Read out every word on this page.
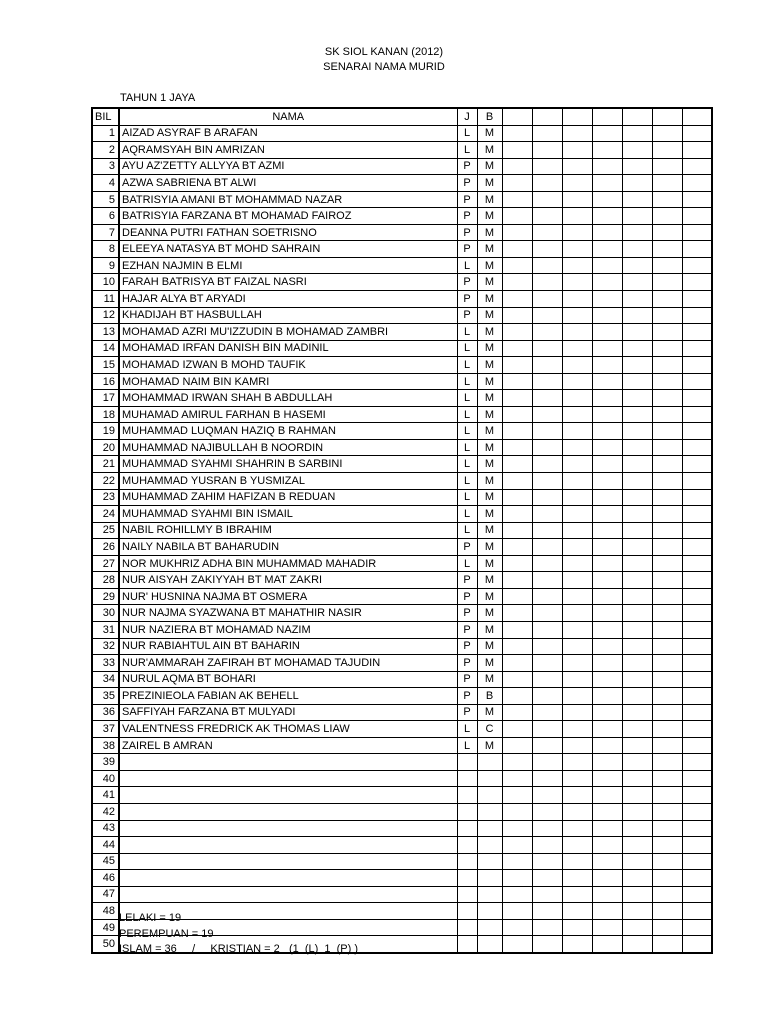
SK SIOL KANAN (2012)
SENARAI NAMA MURID
TAHUN 1 JAYA
BIL	NAMA	J	B							
1	AIZAD ASYRAF B ARAFAN	L	M							
2	AQRAMSYAH BIN AMRIZAN	L	M							
3	AYU AZ'ZETTY ALLYYA BT AZMI	P	M							
4	AZWA SABRIENA BT ALWI	P	M							
5	BATRISYIA AMANI BT MOHAMMAD NAZAR	P	M							
6	BATRISYIA FARZANA BT MOHAMAD FAIROZ	P	M							
7	DEANNA PUTRI FATHAN SOETRISNO	P	M							
8	ELEEYA NATASYA BT MOHD SAHRAIN	P	M							
9	EZHAN NAJMIN B ELMI	L	M							
10	FARAH BATRISYA BT FAIZAL NASRI	P	M							
11	HAJAR ALYA BT ARYADI	P	M							
12	KHADIJAH BT HASBULLAH	P	M							
13	MOHAMAD AZRI MU'IZZUDIN B MOHAMAD ZAMBRI	L	M							
14	MOHAMAD IRFAN DANISH BIN MADINIL	L	M							
15	MOHAMAD IZWAN B MOHD TAUFIK	L	M							
16	MOHAMAD NAIM BIN KAMRI	L	M							
17	MOHAMMAD IRWAN SHAH B ABDULLAH	L	M							
18	MUHAMAD AMIRUL FARHAN B HASEMI	L	M							
19	MUHAMMAD LUQMAN HAZIQ B RAHMAN	L	M							
20	MUHAMMAD NAJIBULLAH B NOORDIN	L	M							
21	MUHAMMAD SYAHMI SHAHRIN B SARBINI	L	M							
22	MUHAMMAD YUSRAN B YUSMIZAL	L	M							
23	MUHAMMAD ZAHIM HAFIZAN B REDUAN	L	M							
24	MUHAMMAD SYAHMI BIN ISMAIL	L	M							
25	NABIL ROHILLMY B IBRAHIM	L	M							
26	NAILY NABILA BT BAHARUDIN	P	M							
27	NOR MUKHRIZ ADHA BIN MUHAMMAD MAHADIR	L	M							
28	NUR AISYAH ZAKIYYAH BT MAT ZAKRI	P	M							
29	NUR' HUSNINA NAJMA BT OSMERA	P	M							
30	NUR NAJMA SYAZWANA BT MAHATHIR NASIR	P	M							
31	NUR NAZIERA BT MOHAMAD NAZIM	P	M							
32	NUR RABIAHTUL AIN BT BAHARIN	P	M							
33	NUR'AMMARAH ZAFIRAH BT MOHAMAD TAJUDIN	P	M							
34	NURUL AQMA BT BOHARI	P	M							
35	PREZINIEOLA FABIAN AK BEHELL	P	B							
36	SAFFIYAH FARZANA BT MULYADI	P	M							
37	VALENTNESS FREDRICK AK THOMAS LIAW	L	C							
38	ZAIREL B AMRAN	L	M							
39										
40										
41										
42										
43										
44										
45										
46										
47										
48										
49										
50										
LELAKI = 19
PEREMPUAN = 19
ISLAM = 36     /     KRISTIAN = 2   (1  (L)  1  (P) )
